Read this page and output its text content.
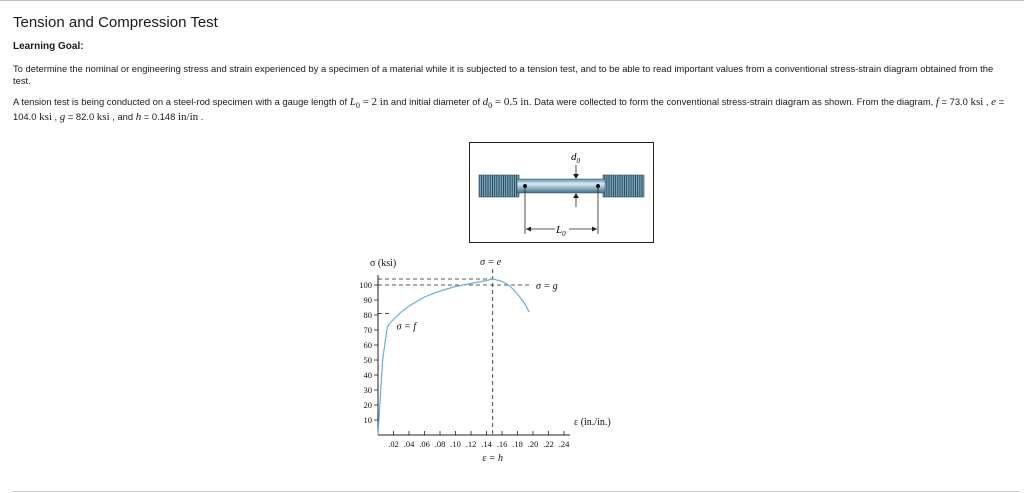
Tension and Compression Test
Learning Goal:

To determine the nominal or engineering stress and strain experienced by a specimen of a material while it is subjected to a tension test, and to be able to read important values from a conventional stress-strain diagram obtained from the test.

A tension test is being conducted on a steel-rod specimen with a gauge length of $L_0 = 2$ in and initial diameter of $d_0 = 0.5$ in. Data were collected to form the conventional stress-strain diagram as shown. From the diagram, f = 73.0 ksi , e = 104.0 ksi , g = 82.0 ksi , and h = 0.148 in/in .

$d_0$
$L_0$
10
20
30
40
50
60
70
80
90
100
.02 .04 .06 .08 .10 .12 .14 .16 .18 .20 .22 .24
σ (ksi)
ε (in./in.)
σ = e
σ = f
σ = g
ε = h
